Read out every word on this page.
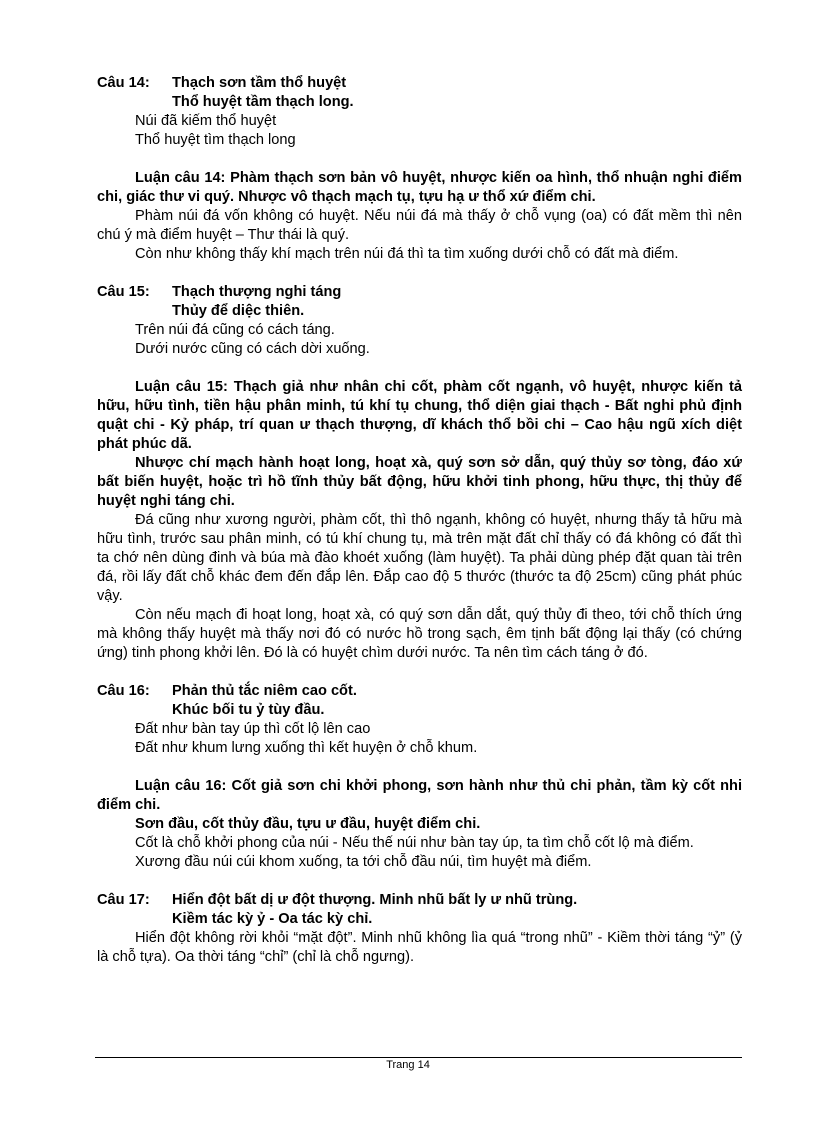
Câu 14:	Thạch sơn tầm thổ huyệt
Thổ huyệt tầm thạch long.
Núi đã kiếm thổ huyệt
Thổ huyệt tìm thạch long

Luận câu 14: Phàm thạch sơn bản vô huyệt, nhược kiến oa hình, thổ nhuận nghi điểm chi, giác thư vi quý. Nhược vô thạch mạch tụ, tựu hạ ư thổ xứ điểm chi.

Phàm núi đá vốn không có huyệt. Nếu núi đá mà thấy ở chỗ vụng (oa) có đất mềm thì nên chú ý mà điểm huyệt – Thư thái là quý.

Còn như không thấy khí mạch trên núi đá thì ta tìm xuống dưới chỗ có đất mà điểm.

Câu 15:	Thạch thượng nghi táng
Thủy để diệc thiên.
Trên núi đá cũng có cách táng.
Dưới nước cũng có cách dời xuống.

Luận câu 15: Thạch giả như nhân chi cốt, phàm cốt ngạnh, vô huyệt, nhược kiến tả hữu, hữu tình, tiền hậu phân minh, tú khí tụ chung, thổ diện giai thạch - Bất nghi phủ định quật chi - Kỷ pháp, trí quan ư thạch thượng, dĩ khách thổ bồi chi – Cao hậu ngũ xích diệt phát phúc dã.

Nhược chí mạch hành hoạt long, hoạt xà, quý sơn sở dẫn, quý thủy sơ tòng, đáo xứ bất biến huyệt, hoặc trì hồ tĩnh thủy bất động, hữu khởi tinh phong, hữu thực, thị thủy để huyệt nghi táng chi.

Đá cũng như xương người, phàm cốt, thì thô ngạnh, không có huyệt, nhưng thấy tả hữu mà hữu tình, trước sau phân minh, có tú khí chung tụ, mà trên mặt đất chỉ thấy có đá không có đất thì ta chớ nên dùng đinh và búa mà đào khoét xuống (làm huyệt). Ta phải dùng phép đặt quan tài trên đá, rồi lấy đất chỗ khác đem đến đắp lên. Đắp cao độ 5 thước (thước ta độ 25cm) cũng phát phúc vậy.

Còn nếu mạch đi hoạt long, hoạt xà, có quý sơn dẫn dắt, quý thủy đi theo, tới chỗ thích ứng mà không thấy huyệt mà thấy nơi đó có nước hồ trong sạch, êm tịnh bất động lại thấy (có chứng ứng) tinh phong khởi lên. Đó là có huyệt chìm dưới nước. Ta nên tìm cách táng ở đó.

Câu 16:	Phản thủ tắc niêm cao cốt.
Khúc bối tu ỷ tùy đầu.
Đất như bàn tay úp thì cốt lộ lên cao
Đất như khum lưng xuống thì kết huyện ở chỗ khum.

Luận câu 16: Cốt giả sơn chi khởi phong, sơn hành như thủ chi phản, tầm kỳ cốt nhi điểm chi.

Sơn đầu, cốt thủy đầu, tựu ư đầu, huyệt điểm chi.

Cốt là chỗ khởi phong của núi - Nếu thế núi như bàn tay úp, ta tìm chỗ cốt lộ mà điểm.

Xương đầu núi cúi khom xuống, ta tới chỗ đầu núi, tìm huyệt mà điểm.

Câu 17:	Hiển đột bất dị ư đột thượng. Minh nhũ bất ly ư nhũ trùng.
Kiềm tác kỳ ỷ - Oa tác kỳ chỉ.

Hiển đột không rời khỏi “mặt đột”. Minh nhũ không lìa quá “trong nhũ” - Kiềm thời táng “ỷ” (ỷ là chỗ tựa). Oa thời táng “chỉ” (chỉ là chỗ ngưng).

Trang 14
